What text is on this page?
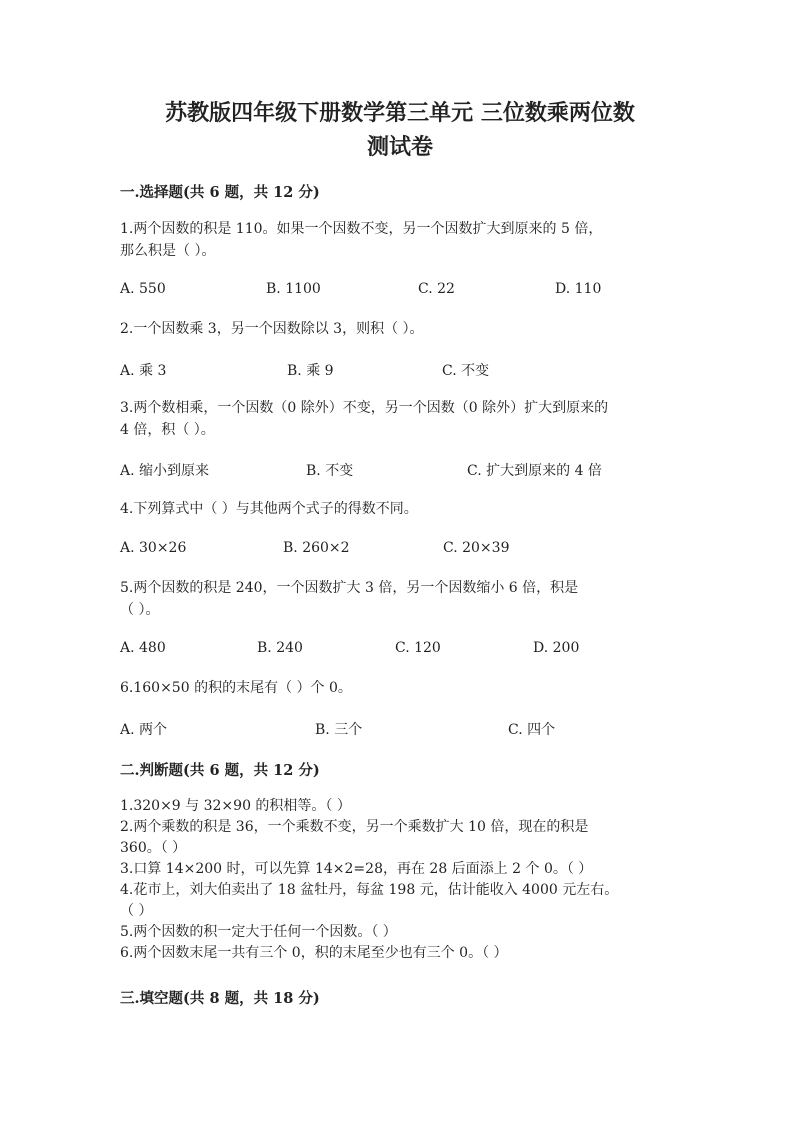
苏教版四年级下册数学第三单元 三位数乘两位数
测试卷
一.选择题(共 6 题，共 12 分)
1.两个因数的积是 110。如果一个因数不变，另一个因数扩大到原来的 5 倍，
那么积是（ ）。
A. 550	B. 1100	C. 22	D. 110
2.一个因数乘 3，另一个因数除以 3，则积（ ）。
A. 乘 3	B. 乘 9	C. 不变
3.两个数相乘，一个因数（0 除外）不变，另一个因数（0 除外）扩大到原来的
4 倍，积（ ）。
A. 缩小到原来	B. 不变	C. 扩大到原来的 4 倍
4.下列算式中（ ）与其他两个式子的得数不同。
A. 30×26	B. 260×2	C. 20×39
5.两个因数的积是 240，一个因数扩大 3 倍，另一个因数缩小 6 倍，积是
（ ）。
A. 480	B. 240	C. 120	D. 200
6.160×50 的积的末尾有（ ）个 0。
A. 两个	B. 三个	C. 四个
二.判断题(共 6 题，共 12 分)
1.320×9 与 32×90 的积相等。（ ）
2.两个乘数的积是 36，一个乘数不变，另一个乘数扩大 10 倍，现在的积是
360。（ ）
3.口算 14×200 时，可以先算 14×2=28，再在 28 后面添上 2 个 0。（ ）
4.花市上，刘大伯卖出了 18 盆牡丹，每盆 198 元，估计能收入 4000 元左右。
（ ）
5.两个因数的积一定大于任何一个因数。（ ）
6.两个因数末尾一共有三个 0，积的末尾至少也有三个 0。（ ）
三.填空题(共 8 题，共 18 分)
